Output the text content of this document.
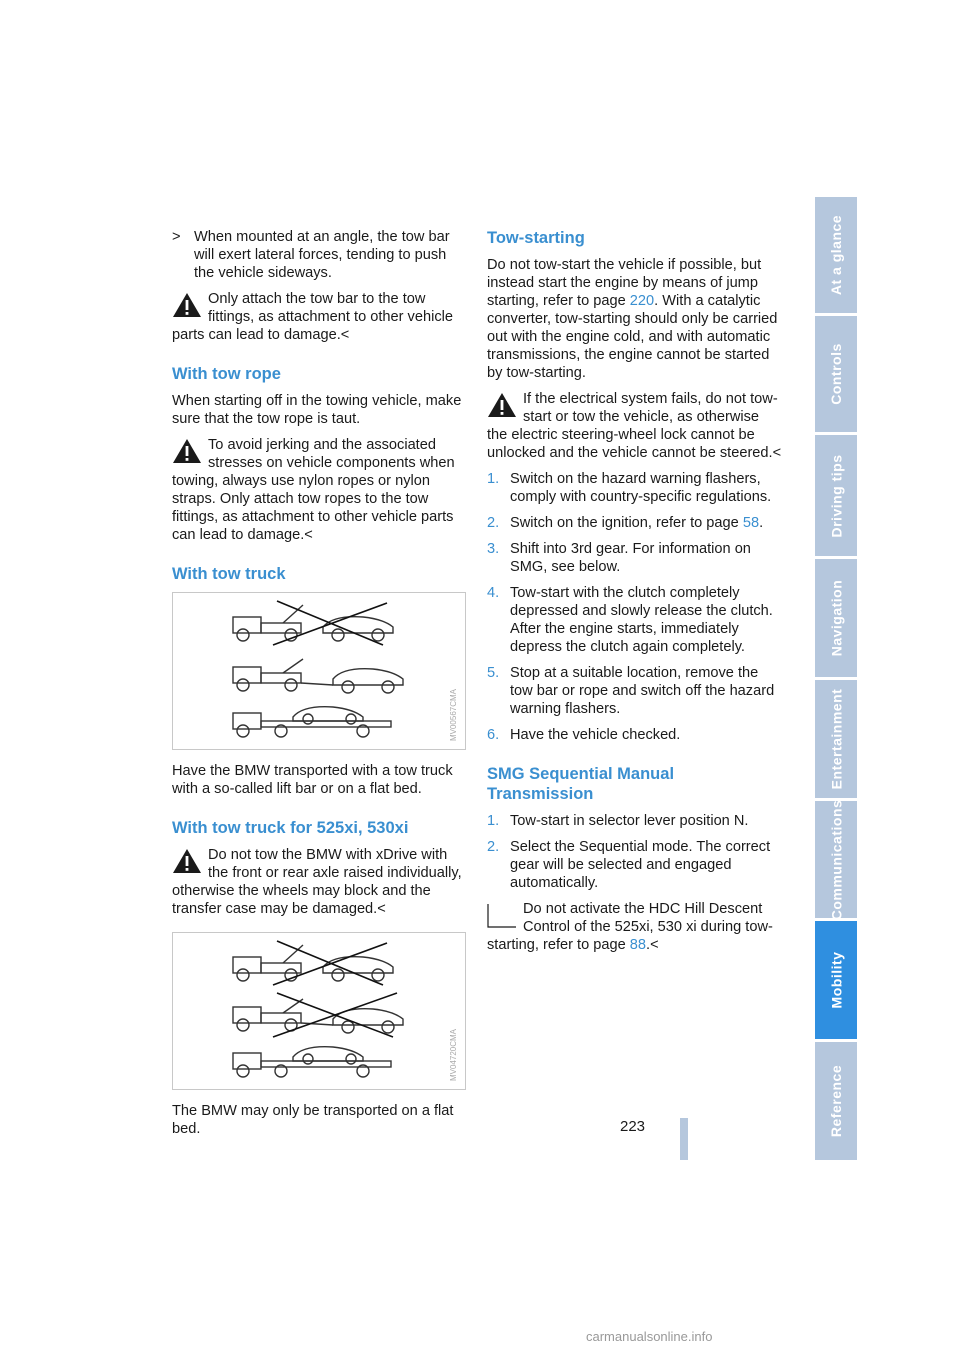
> When mounted at an angle, the tow bar will exert lateral forces, tending to push the vehicle sideways.
Only attach the tow bar to the tow fittings, as attachment to other vehicle parts can lead to damage.<
With tow rope

When starting off in the towing vehicle, make sure that the tow rope is taut.

To avoid jerking and the associated stresses on vehicle components when towing, always use nylon ropes or nylon straps. Only attach tow ropes to the tow fittings, as attachment to other vehicle parts can lead to damage.<
With tow truck
MV00567CMA

Have the BMW transported with a tow truck with a so-called lift bar or on a flat bed.

With tow truck for 525xi, 530xi
Do not tow the BMW with xDrive with the front or rear axle raised individually, otherwise the wheels may block and the transfer case may be damaged.<
MV04720CMA

The BMW may only be transported on a flat bed.

Tow-starting

Do not tow-start the vehicle if possible, but instead start the engine by means of jump starting, refer to page 220. With a catalytic converter, tow-starting should only be carried out with the engine cold, and with automatic transmissions, the engine cannot be started by tow-starting.

If the electrical system fails, do not tow-start or tow the vehicle, as otherwise the electric steering-wheel lock cannot be unlocked and the vehicle cannot be steered.<
1. Switch on the hazard warning flashers, comply with country-specific regulations.
2. Switch on the ignition, refer to page 58.
3. Shift into 3rd gear. For information on SMG, see below.
4. Tow-start with the clutch completely depressed and slowly release the clutch. After the engine starts, immediately depress the clutch again completely.
5. Stop at a suitable location, remove the tow bar or rope and switch off the hazard warning flashers.
6. Have the vehicle checked.
SMG Sequential Manual Transmission
1. Tow-start in selector lever position N.
2. Select the Sequential mode. The correct gear will be selected and engaged automatically.
Do not activate the HDC Hill Descent Control of the 525xi, 530 xi during tow-starting, refer to page 88.<
At a glance
Controls
Driving tips
Navigation
Entertainment
Communications
Mobility
Reference
223
carmanualsonline.info
